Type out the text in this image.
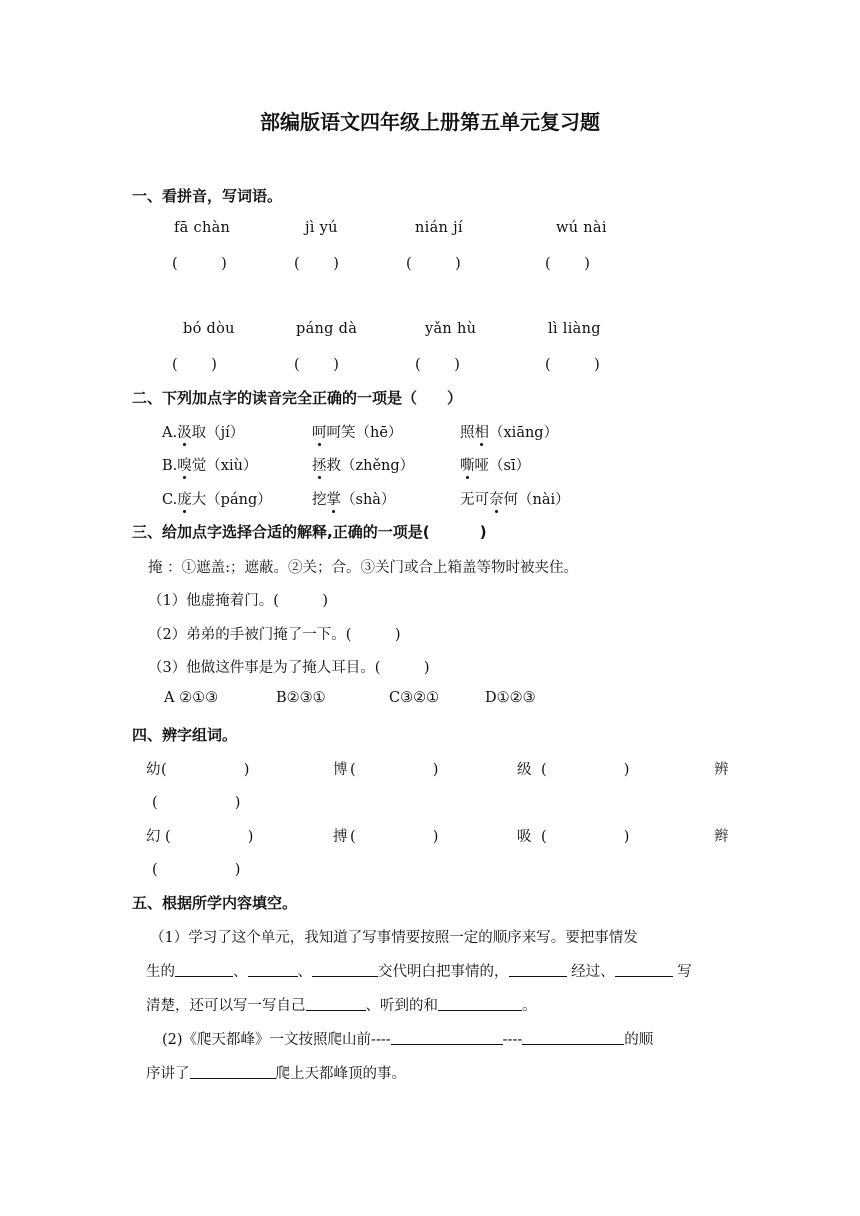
部编版语文四年级上册第五单元复习题
一、看拼音，写词语。
fā chàn	jì yú	nián jí	wú nài
(　　　)	(　　 )	(　　　)	(　　 )
bó dòu	páng dà	yǎn hù	lì liàng
(　　 )	(　　 )	(　　 )	(　　　)
二、下列加点字的读音完全正确的一项是（　　）
A.汲取（jí）	呵呵笑（hē）	照相（xiāng）
B.嗅觉（xiù）	拯救（zhěng）	嘶哑（sī）
C.庞大（páng）	挖掌（shà）	无可奈何（nài）
三、给加点字选择合适的解释,正确的一项是(　　　 )
掩 ：①遮盖:；遮蔽。②关；合。③关门或合上箱盖等物时被夹住。
（1）他虚掩着门。(　　　)
（2）弟弟的手被门掩了一下。(　　　)
（3）他做这件事是为了掩人耳目。(　　　)
A ②①③	B②③①	C③②①	D①②③
四、辨字组词。
幼 (　　　　　 )	博 (　　　　　 )	级 (　　　　　 )	辨
(　　　　　 )
幻 (　　　　　 )	搏 (　　　　　 )	吸 (　　　　　 )	辫
(　　　　　 )
五、根据所学内容填空。
（1）学习了这个单元，我知道了写事情要按照一定的顺序来写。要把事情发
生的	、	、	交代明白把事情的，	经过、	写
清楚，还可以写一写自己	、听到的和	。
(2)《爬天都峰》一文按照爬山前----	----	的顺
序讲了	爬上天都峰顶的事。
